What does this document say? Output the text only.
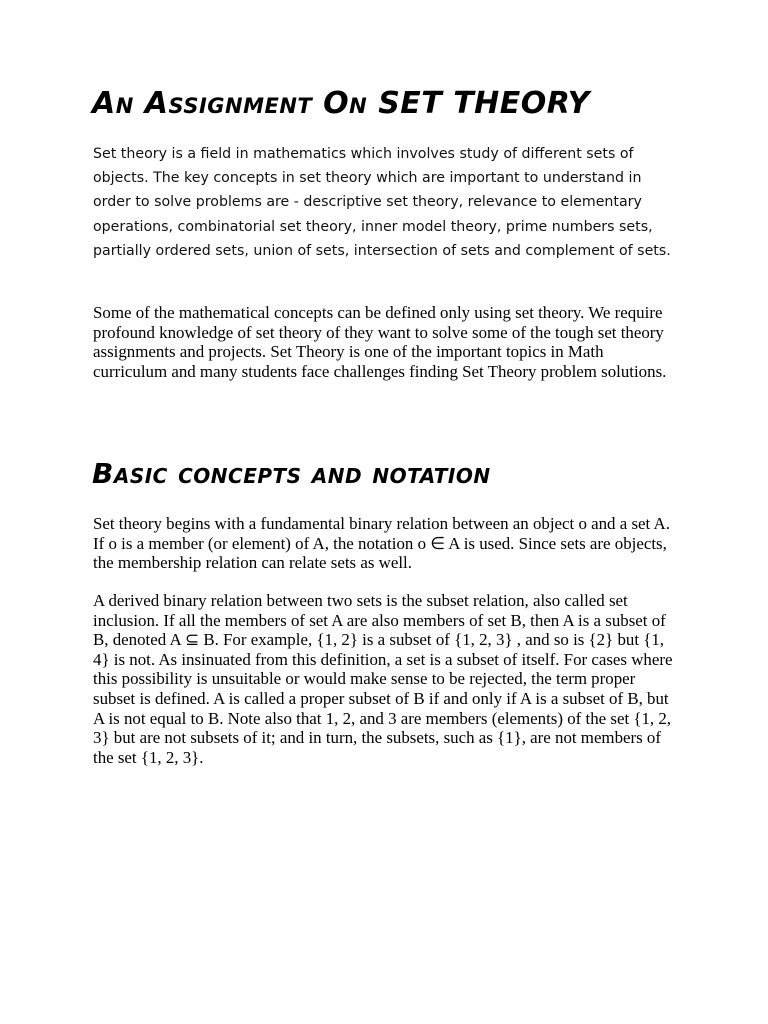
An Assignment On SET THEORY

Set theory is a field in mathematics which involves study of different sets of objects. The key concepts in set theory which are important to understand in order to solve problems are - descriptive set theory, relevance to elementary operations, combinatorial set theory, inner model theory, prime numbers sets, partially ordered sets, union of sets, intersection of sets and complement of sets.

Some of the mathematical concepts can be defined only using set theory. We require profound knowledge of set theory of they want to solve some of the tough set theory assignments and projects. Set Theory is one of the important topics in Math curriculum and many students face challenges finding Set Theory problem solutions.

Basic concepts and notation

Set theory begins with a fundamental binary relation between an object o and a set A. If o is a member (or element) of A, the notation o ∈ A is used. Since sets are objects, the membership relation can relate sets as well.

A derived binary relation between two sets is the subset relation, also called set inclusion. If all the members of set A are also members of set B, then A is a subset of B, denoted A ⊆ B. For example, {1, 2} is a subset of {1, 2, 3} , and so is {2} but {1, 4} is not. As insinuated from this definition, a set is a subset of itself. For cases where this possibility is unsuitable or would make sense to be rejected, the term proper subset is defined. A is called a proper subset of B if and only if A is a subset of B, but A is not equal to B. Note also that 1, 2, and 3 are members (elements) of the set {1, 2, 3} but are not subsets of it; and in turn, the subsets, such as {1}, are not members of the set {1, 2, 3}.
